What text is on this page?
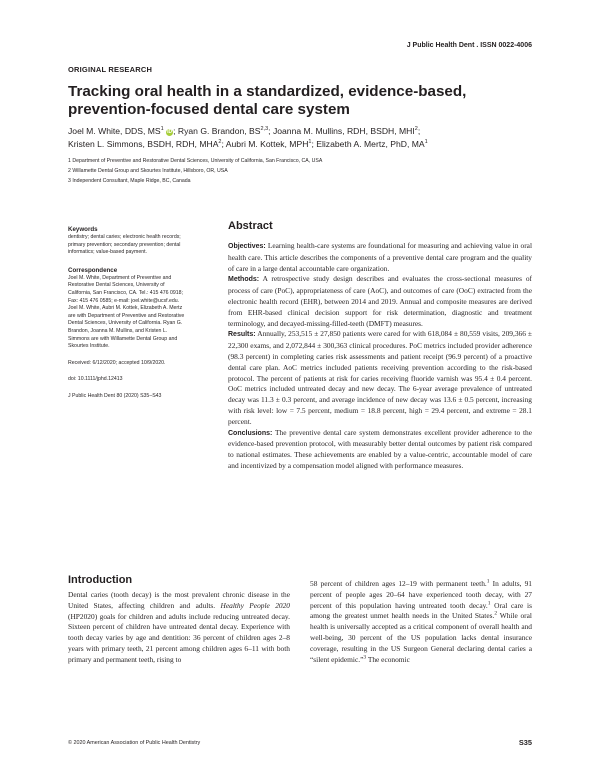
J Public Health Dent . ISSN 0022-4006
ORIGINAL RESEARCH
Tracking oral health in a standardized, evidence-based, prevention-focused dental care system
Joel M. White, DDS, $MS^1$ iD; Ryan G. Brandon, BS$^{2,3}$; Joanna M. Mullins, RDH, BSDH, MHI$^2$;
Kristen L. Simmons, BSDH, RDH, MHA$^2$; Aubri M. Kottek, MPH$^1$; Elizabeth A. Mertz, PhD, $MA^1$
1 Department of Preventive and Restorative Dental Sciences, University of California, San Francisco, CA, USA
2 Willamette Dental Group and Skourtes Institute, Hillsboro, OR, USA
3 Independent Consultant, Maple Ridge, BC, Canada
Keywords
dentistry; dental caries; electronic health records; primary prevention; secondary prevention; dental informatics; value-based payment.
Correspondence
Joel M. White, Department of Preventive and Restorative Dental Sciences, University of California, San Francisco, CA. Tel.: 415 476 0918; Fax: 415 476 0585; e-mail: joel.white@ucsf.edu. Joel M. White, Aubri M. Kottek, Elizabeth A. Mertz are with Department of Preventive and Restorative Dental Sciences, University of California. Ryan G. Brandon, Joanna M. Mullins, and Kristen L. Simmons are with Willamette Dental Group and Skourtes Institute.
Received: 6/12/2020; accepted 10/9/2020.
doi: 10.1111/jphd.12413
J Public Health Dent 80 (2020) S35–S43
Abstract

Objectives: Learning health-care systems are foundational for measuring and achieving value in oral health care. This article describes the components of a preventive dental care program and the quality of care in a large dental accountable care organization.

Methods: A retrospective study design describes and evaluates the cross-sectional measures of process of care (PoC), appropriateness of care (AoC), and outcomes of care (OoC) extracted from the electronic health record (EHR), between 2014 and 2019. Annual and composite measures are derived from EHR-based clinical decision support for risk determination, diagnostic and treatment terminology, and decayed-missing-filled-teeth (DMFT) measures.

Results: Annually, 253,515 ± 27,850 patients were cared for with 618,084 ± 80,559 visits, 209,366 ± 22,300 exams, and 2,072,844 ± 300,363 clinical procedures. PoC metrics included provider adherence (98.3 percent) in completing caries risk assessments and patient receipt (96.9 percent) of a proactive dental care plan. AoC metrics included patients receiving prevention according to the risk-based protocol. The percent of patients at risk for caries receiving fluoride varnish was 95.4 ± 0.4 percent. OoC metrics included untreated decay and new decay. The 6-year average prevalence of untreated decay was 11.3 ± 0.3 percent, and average incidence of new decay was 13.6 ± 0.5 percent, increasing with risk level: low = 7.5 percent, medium = 18.8 percent, high = 29.4 percent, and extreme = 28.1 percent.

Conclusions: The preventive dental care system demonstrates excellent provider adherence to the evidence-based prevention protocol, with measurably better dental outcomes by patient risk compared to national estimates. These achievements are enabled by a value-centric, accountable model of care and incentivized by a compensation model aligned with performance measures.

Introduction
Dental caries (tooth decay) is the most prevalent chronic disease in the United States, affecting children and adults. Healthy People 2020 (HP2020) goals for children and adults include reducing untreated decay. Sixteen percent of children have untreated dental decay. Experience with tooth decay varies by age and dentition: 36 percent of children ages 2–8 years with primary teeth, 21 percent among children ages 6–11 with both primary and permanent teeth, rising to
58 percent of children ages 12–19 with permanent teeth.$^1$ In adults, 91 percent of people ages 20–64 have experienced tooth decay, with 27 percent of this population having untreated tooth decay.$^1$ Oral care is among the greatest unmet health needs in the United States.$^2$ While oral health is universally accepted as a critical component of overall health and well-being, 30 percent of the US population lacks dental insurance coverage, resulting in the US Surgeon General declaring dental caries a “silent epidemic.”$^3$ The economic
© 2020 American Association of Public Health Dentistry	S35
